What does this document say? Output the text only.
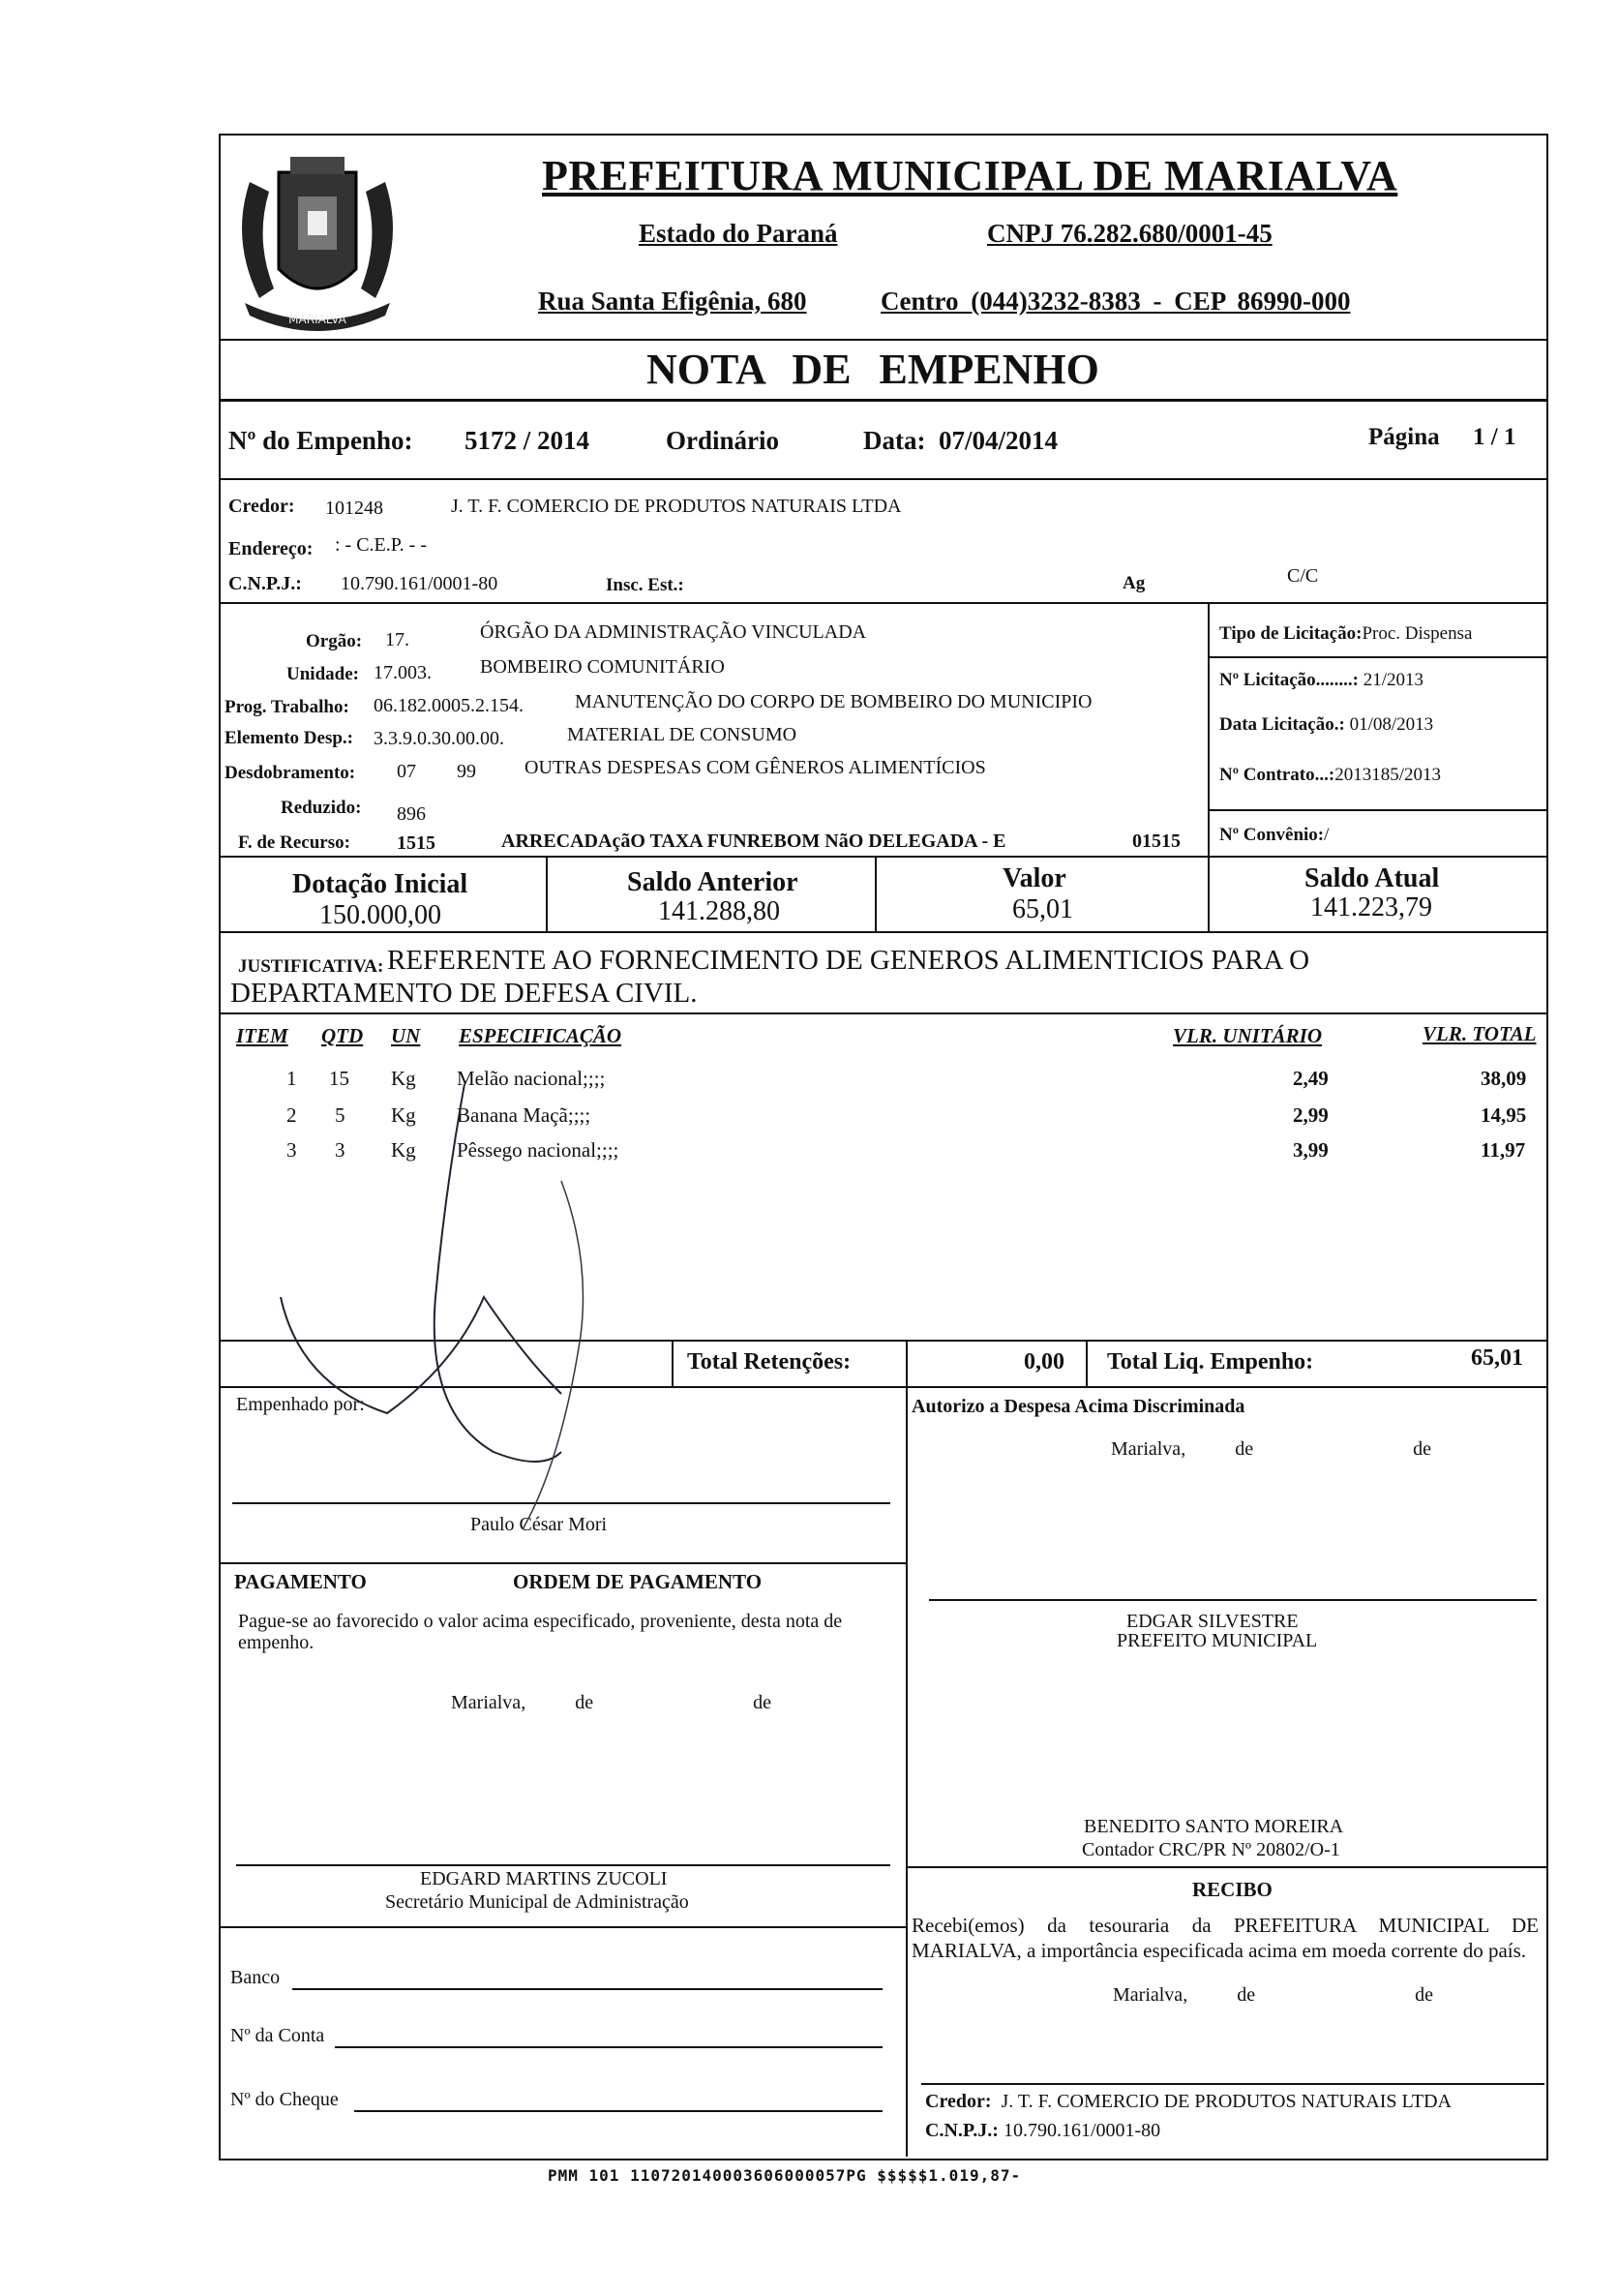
MARIALVA
PREFEITURA MUNICIPAL DE MARIALVA
Estado do Paraná	CNPJ 76.282.680/0001-45
Rua Santa Efigênia, 680	Centro (044)3232-8383 - CEP 86990-000
NOTA DE EMPENHO
Nº do Empenho: 5172 / 2014	Ordinário	Data: 07/04/2014	Página 1 / 1
Credor: 101248	J. T. F. COMERCIO DE PRODUTOS NATURAIS LTDA
Endereço: : - C.E.P. - -
C.N.P.J.: 10.790.161/0001-80	Insc. Est.:	Ag	C/C
Orgão: 17.	ÓRGÃO DA ADMINISTRAÇÃO VINCULADA
Unidade: 17.003.	BOMBEIRO COMUNITÁRIO
Prog. Trabalho: 06.182.0005.2.154.	MANUTENÇÃO DO CORPO DE BOMBEIRO DO MUNICIPIO
Elemento Desp.: 3.3.9.0.30.00.00.	MATERIAL DE CONSUMO
Desdobramento: 07 99	OUTRAS DESPESAS COM GÊNEROS ALIMENTÍCIOS
Reduzido: 896
F. de Recurso: 1515	ARRECADAçãO TAXA FUNREBOM NãO DELEGADA - E	01515
Tipo de Licitação:Proc. Dispensa
Nº Licitação........: 21/2013
Data Licitação.: 01/08/2013
Nº Contrato...:2013185/2013
Nº Convênio:/
Dotação Inicial
150.000,00
Saldo Anterior
141.288,80
Valor
65,01
Saldo Atual
141.223,79
JUSTIFICATIVA: REFERENTE AO FORNECIMENTO DE GENEROS ALIMENTICIOS PARA O
DEPARTAMENTO DE DEFESA CIVIL.
ITEM QTD UN ESPECIFICAÇÃO	VLR. UNITÁRIO	VLR. TOTAL
1 15 Kg Melão nacional;;;;	2,49	38,09
2 5 Kg Banana Maçã;;;;	2,99	14,95
3 3 Kg Pêssego nacional;;;;	3,99	11,97
Total Retenções:	0,00 Total Liq. Empenho:	65,01
Empenhado por:
Paulo César Mori
Autorizo a Despesa Acima Discriminada
Marialva,	de	de
EDGAR SILVESTRE
PREFEITO MUNICIPAL
PAGAMENTO	ORDEM DE PAGAMENTO
Pague-se ao favorecido o valor acima especificado, proveniente, desta nota de empenho.
Marialva,	de	de
BENEDITO SANTO MOREIRA
Contador CRC/PR Nº 20802/O-1
EDGARD MARTINS ZUCOLI
Secretário Municipal de Administração
RECIBO
Recebi(emos) da tesouraria da PREFEITURA MUNICIPAL DE MARIALVA, a importância especificada acima em moeda corrente do país.
Marialva,	de	de
Banco
Nº da Conta
Nº do Cheque	Credor: J. T. F. COMERCIO DE PRODUTOS NATURAIS LTDA
C.N.P.J.: 10.790.161/0001-80
PMM 101 110720140003606000057PG $$$$$1.019,87-
